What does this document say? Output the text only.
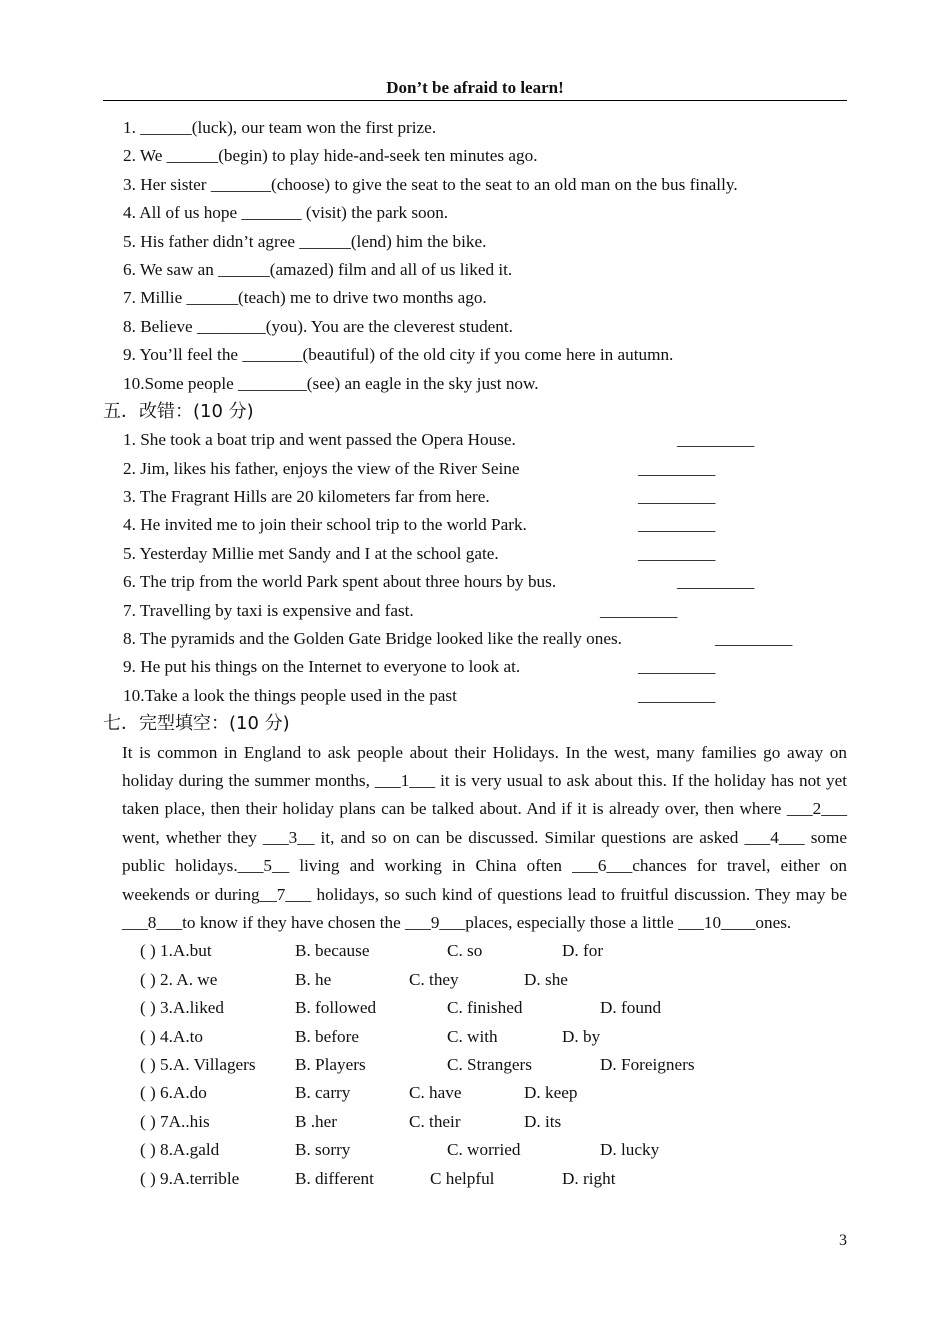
Don’t be afraid to learn!
1. ______(luck), our team won the first prize.
2. We ______(begin) to play hide-and-seek ten minutes ago.
3. Her sister _______(choose) to give the seat to the seat to an old man on the bus finally.
4. All of us hope _______ (visit) the park soon.
5. His father didn’t agree ______(lend) him the bike.
6. We saw an ______(amazed) film and all of us liked it.
7. Millie ______(teach) me to drive two months ago.
8. Believe ________(you). You are the cleverest student.
9. You’ll feel the _______(beautiful) of the old city if you come here in autumn.
10.Some people ________(see) an eagle in the sky just now.
五．改错：(10 分)
1. She took a boat trip and went passed the Opera House.	_________
2. Jim, likes his father, enjoys the view of the River Seine	_________
3. The Fragrant Hills are 20 kilometers far from here.	_________
4. He invited me to join their school trip to the world Park.	_________
5. Yesterday Millie met Sandy and I at the school gate.	_________
6. The trip from the world Park spent about three hours by bus.	_________
7. Travelling by taxi is expensive and fast.	_________
8. The pyramids and the Golden Gate Bridge looked like the really ones.	_________
9. He put his things on the Internet to everyone to look at.	_________
10.Take a look the things people used in the past	_________
七．完型填空：(10 分)
It is common in England to ask people about their Holidays. In the west, many families go away on holiday during the summer months, ___1___ it is very usual to ask about this. If the holiday has not yet taken place, then their holiday plans can be talked about. And if it is already over, then where ___2___ went, whether they ___3__ it, and so on can be discussed. Similar questions are asked ___4___ some public holidays.___5__ living and working in China often ___6___chances for travel, either on weekends or during__7___ holidays, so such kind of questions lead to fruitful discussion. They may be ___8___to know if they have chosen the ___9___places, especially those a little ___10____ones.
( ) 1.A.but	B. because	C. so	D. for
( ) 2. A. we	B. he	C. they	D. she
( ) 3.A.liked	B. followed	C. finished	D. found
( ) 4.A.to	B. before	C. with	D. by
( ) 5.A. Villagers B. Players	C. Strangers	D. Foreigners
( ) 6.A.do	B. carry	C. have	D. keep
( ) 7A..his	B .her	C. their	D. its
( ) 8.A.gald	B. sorry	C. worried	D. lucky
( ) 9.A.terrible	B. different	C helpful	D. right
3
